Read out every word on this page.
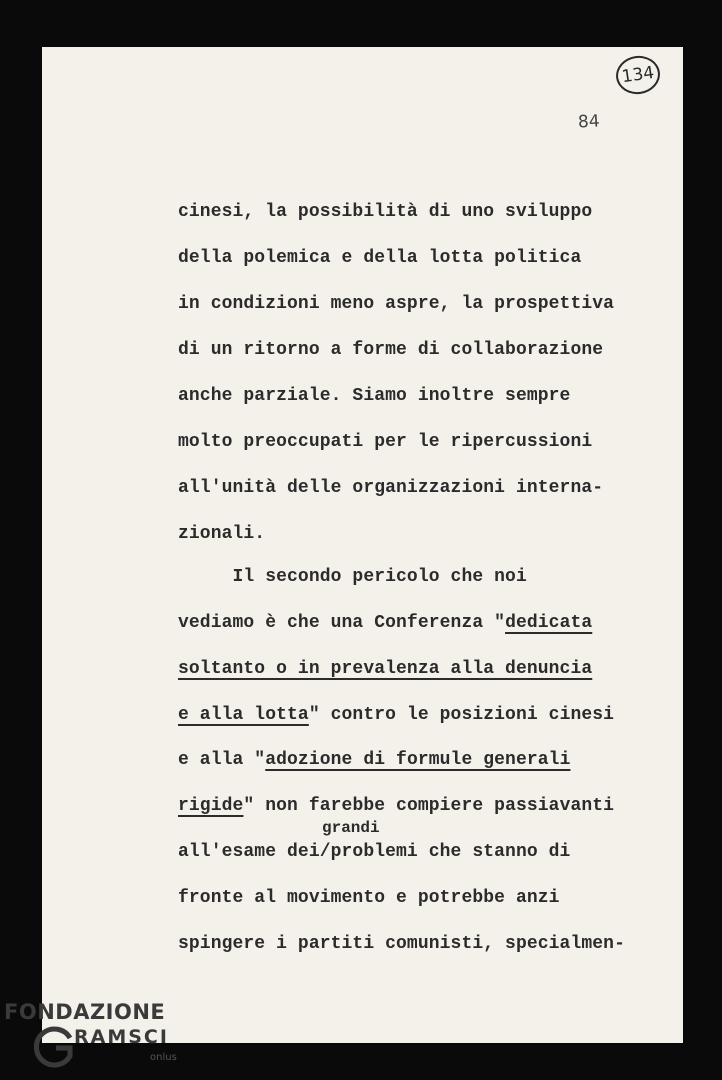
134
84
cinesi, la possibilità di uno sviluppo
della polemica e della lotta politica
in condizioni meno aspre, la prospettiva
di un ritorno a forme di collaborazione
anche parziale. Siamo inoltre sempre
molto preoccupati per le ripercussioni
all'unità delle organizzazioni interna-
zionali.
Il secondo pericolo che noi
vediamo è che una Conferenza "dedicata
soltanto o in prevalenza alla denuncia
e alla lotta" contro le posizioni cinesi
e alla "adozione di formule generali
rigide" non farebbe compiere passiavanti
grandi
all'esame dei/problemi che stanno di
fronte al movimento e potrebbe anzi
spingere i partiti comunisti, specialmen-
FONDAZIONE
RAMSCI
onlus
